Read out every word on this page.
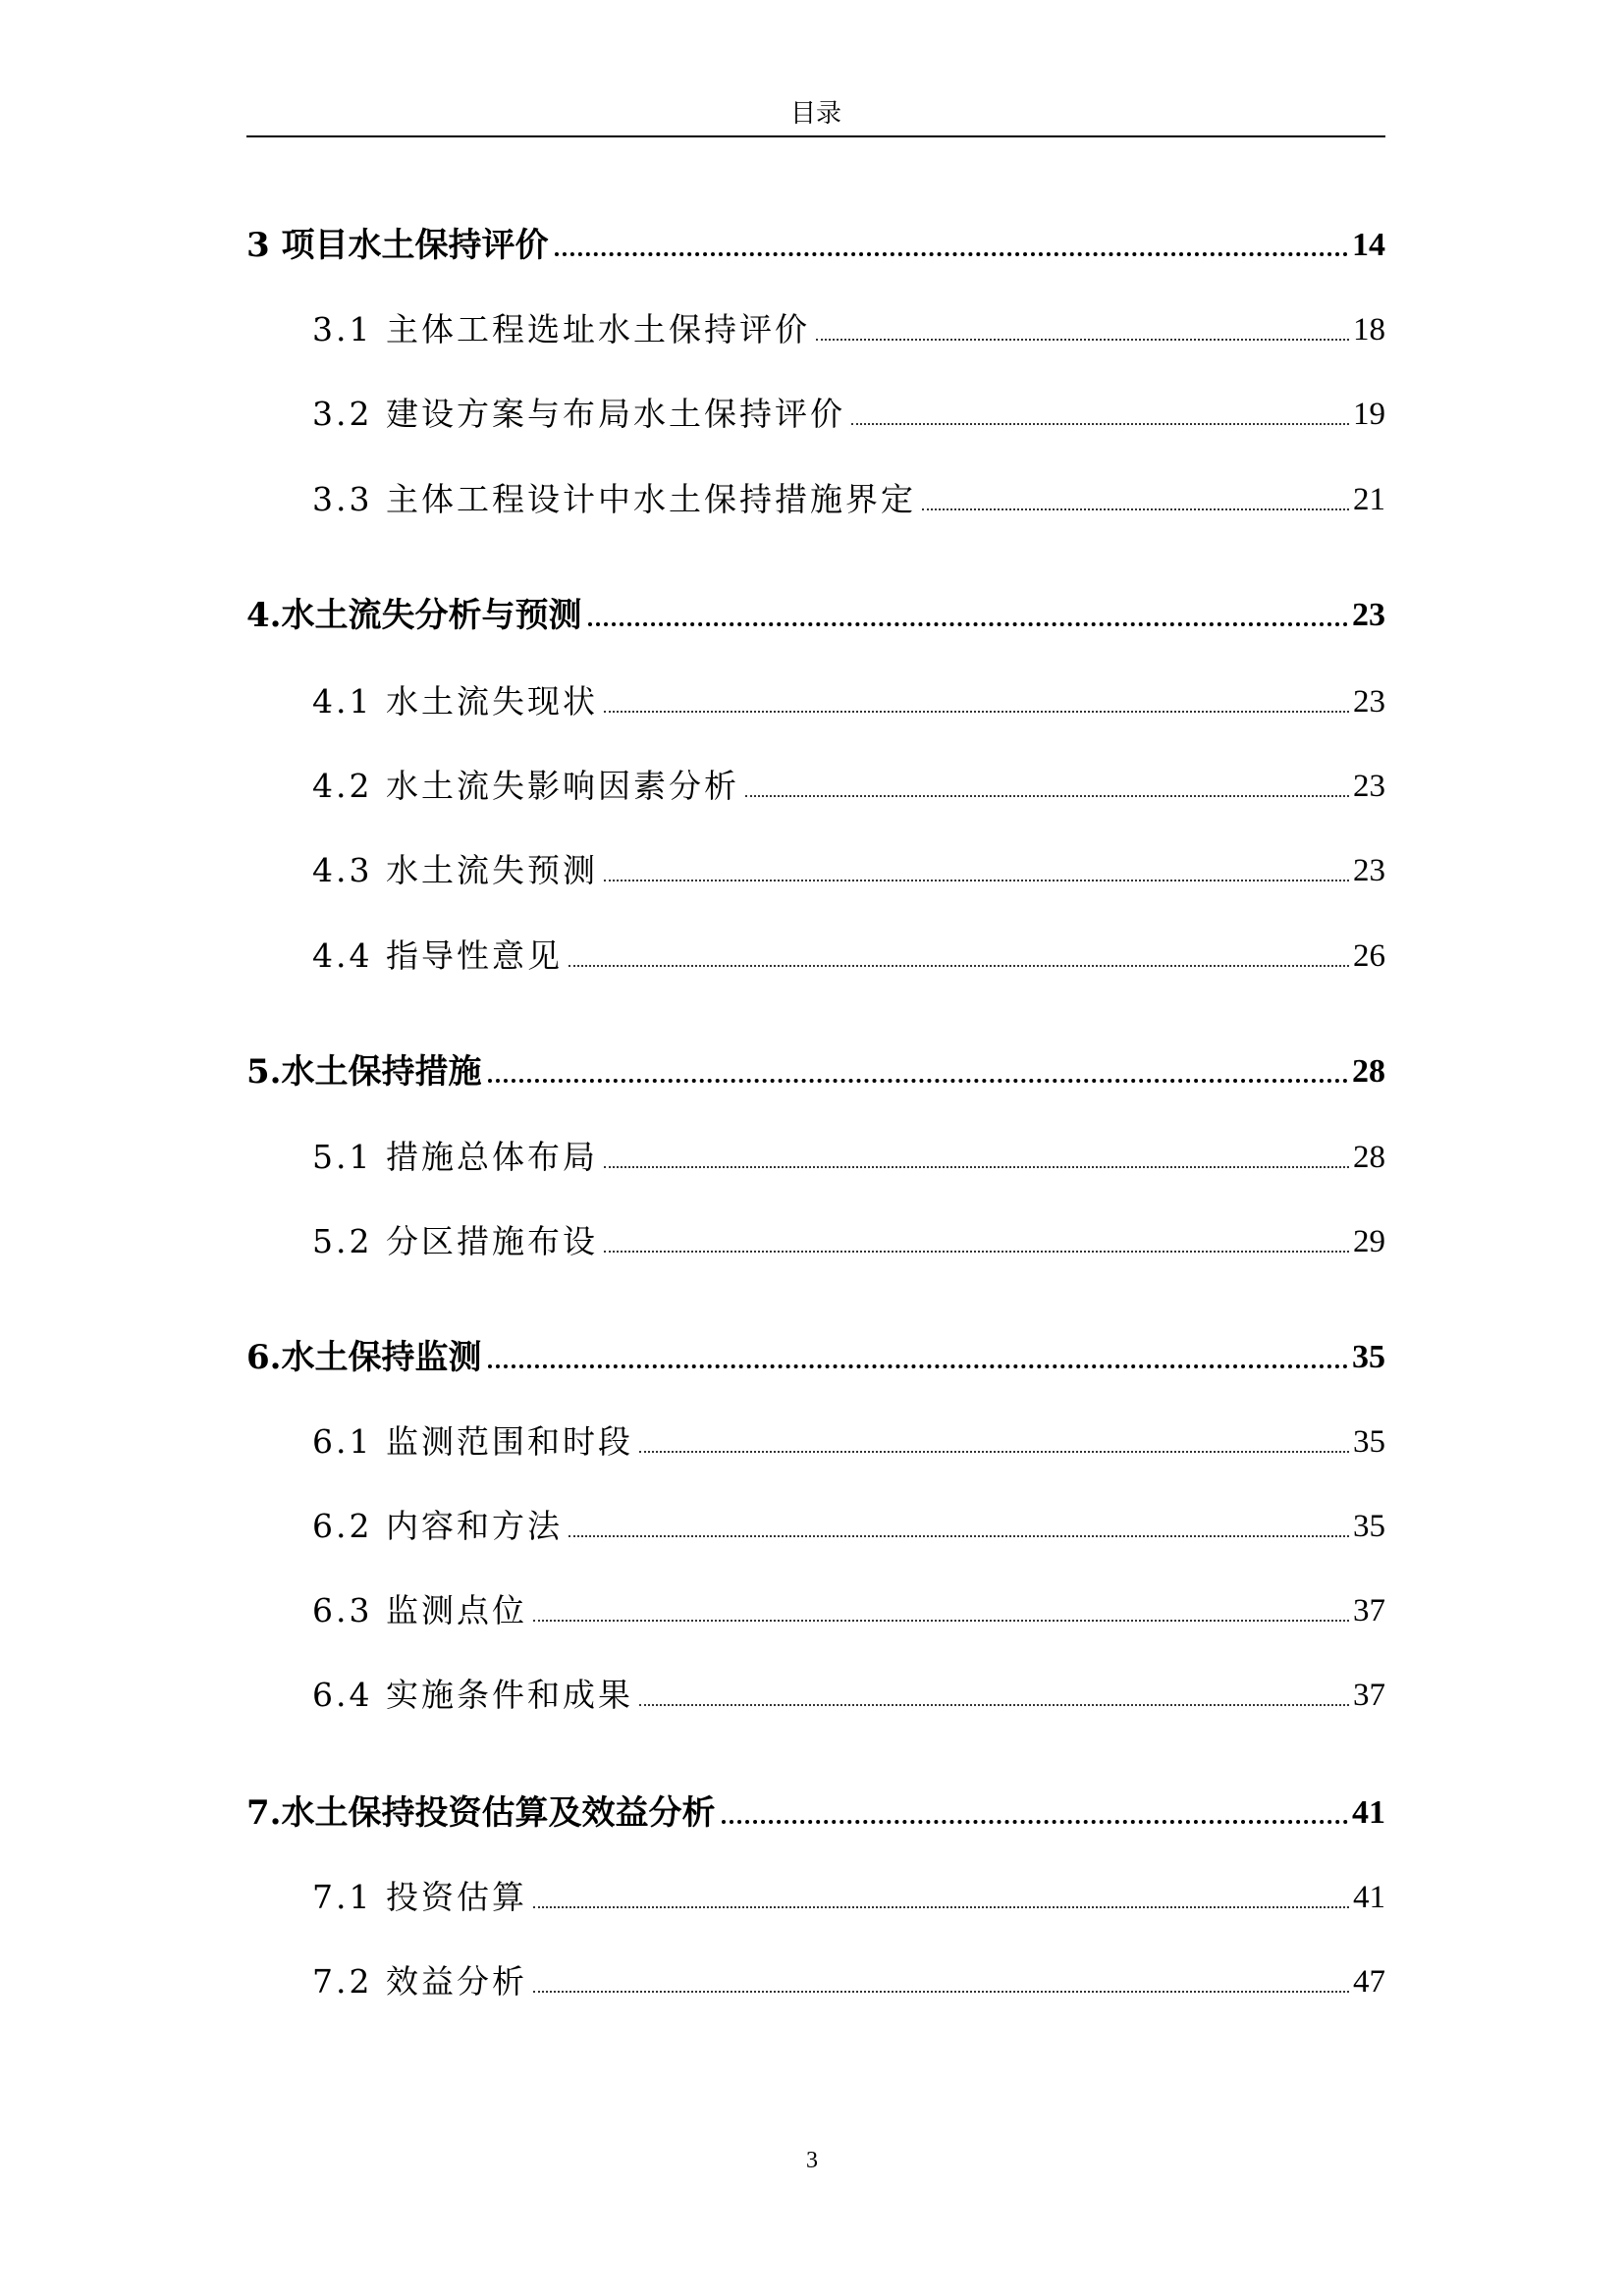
目录
3 项目水土保持评价	14
3.1 主体工程选址水土保持评价	18
3.2 建设方案与布局水土保持评价	19
3.3 主体工程设计中水土保持措施界定	21
4.水土流失分析与预测	23
4.1 水土流失现状	23
4.2 水土流失影响因素分析	23
4.3 水土流失预测	23
4.4 指导性意见	26
5.水土保持措施	28
5.1 措施总体布局	28
5.2 分区措施布设	29
6.水土保持监测	35
6.1 监测范围和时段	35
6.2 内容和方法	35
6.3 监测点位	37
6.4 实施条件和成果	37
7.水土保持投资估算及效益分析	41
7.1 投资估算	41
7.2 效益分析	47
3
